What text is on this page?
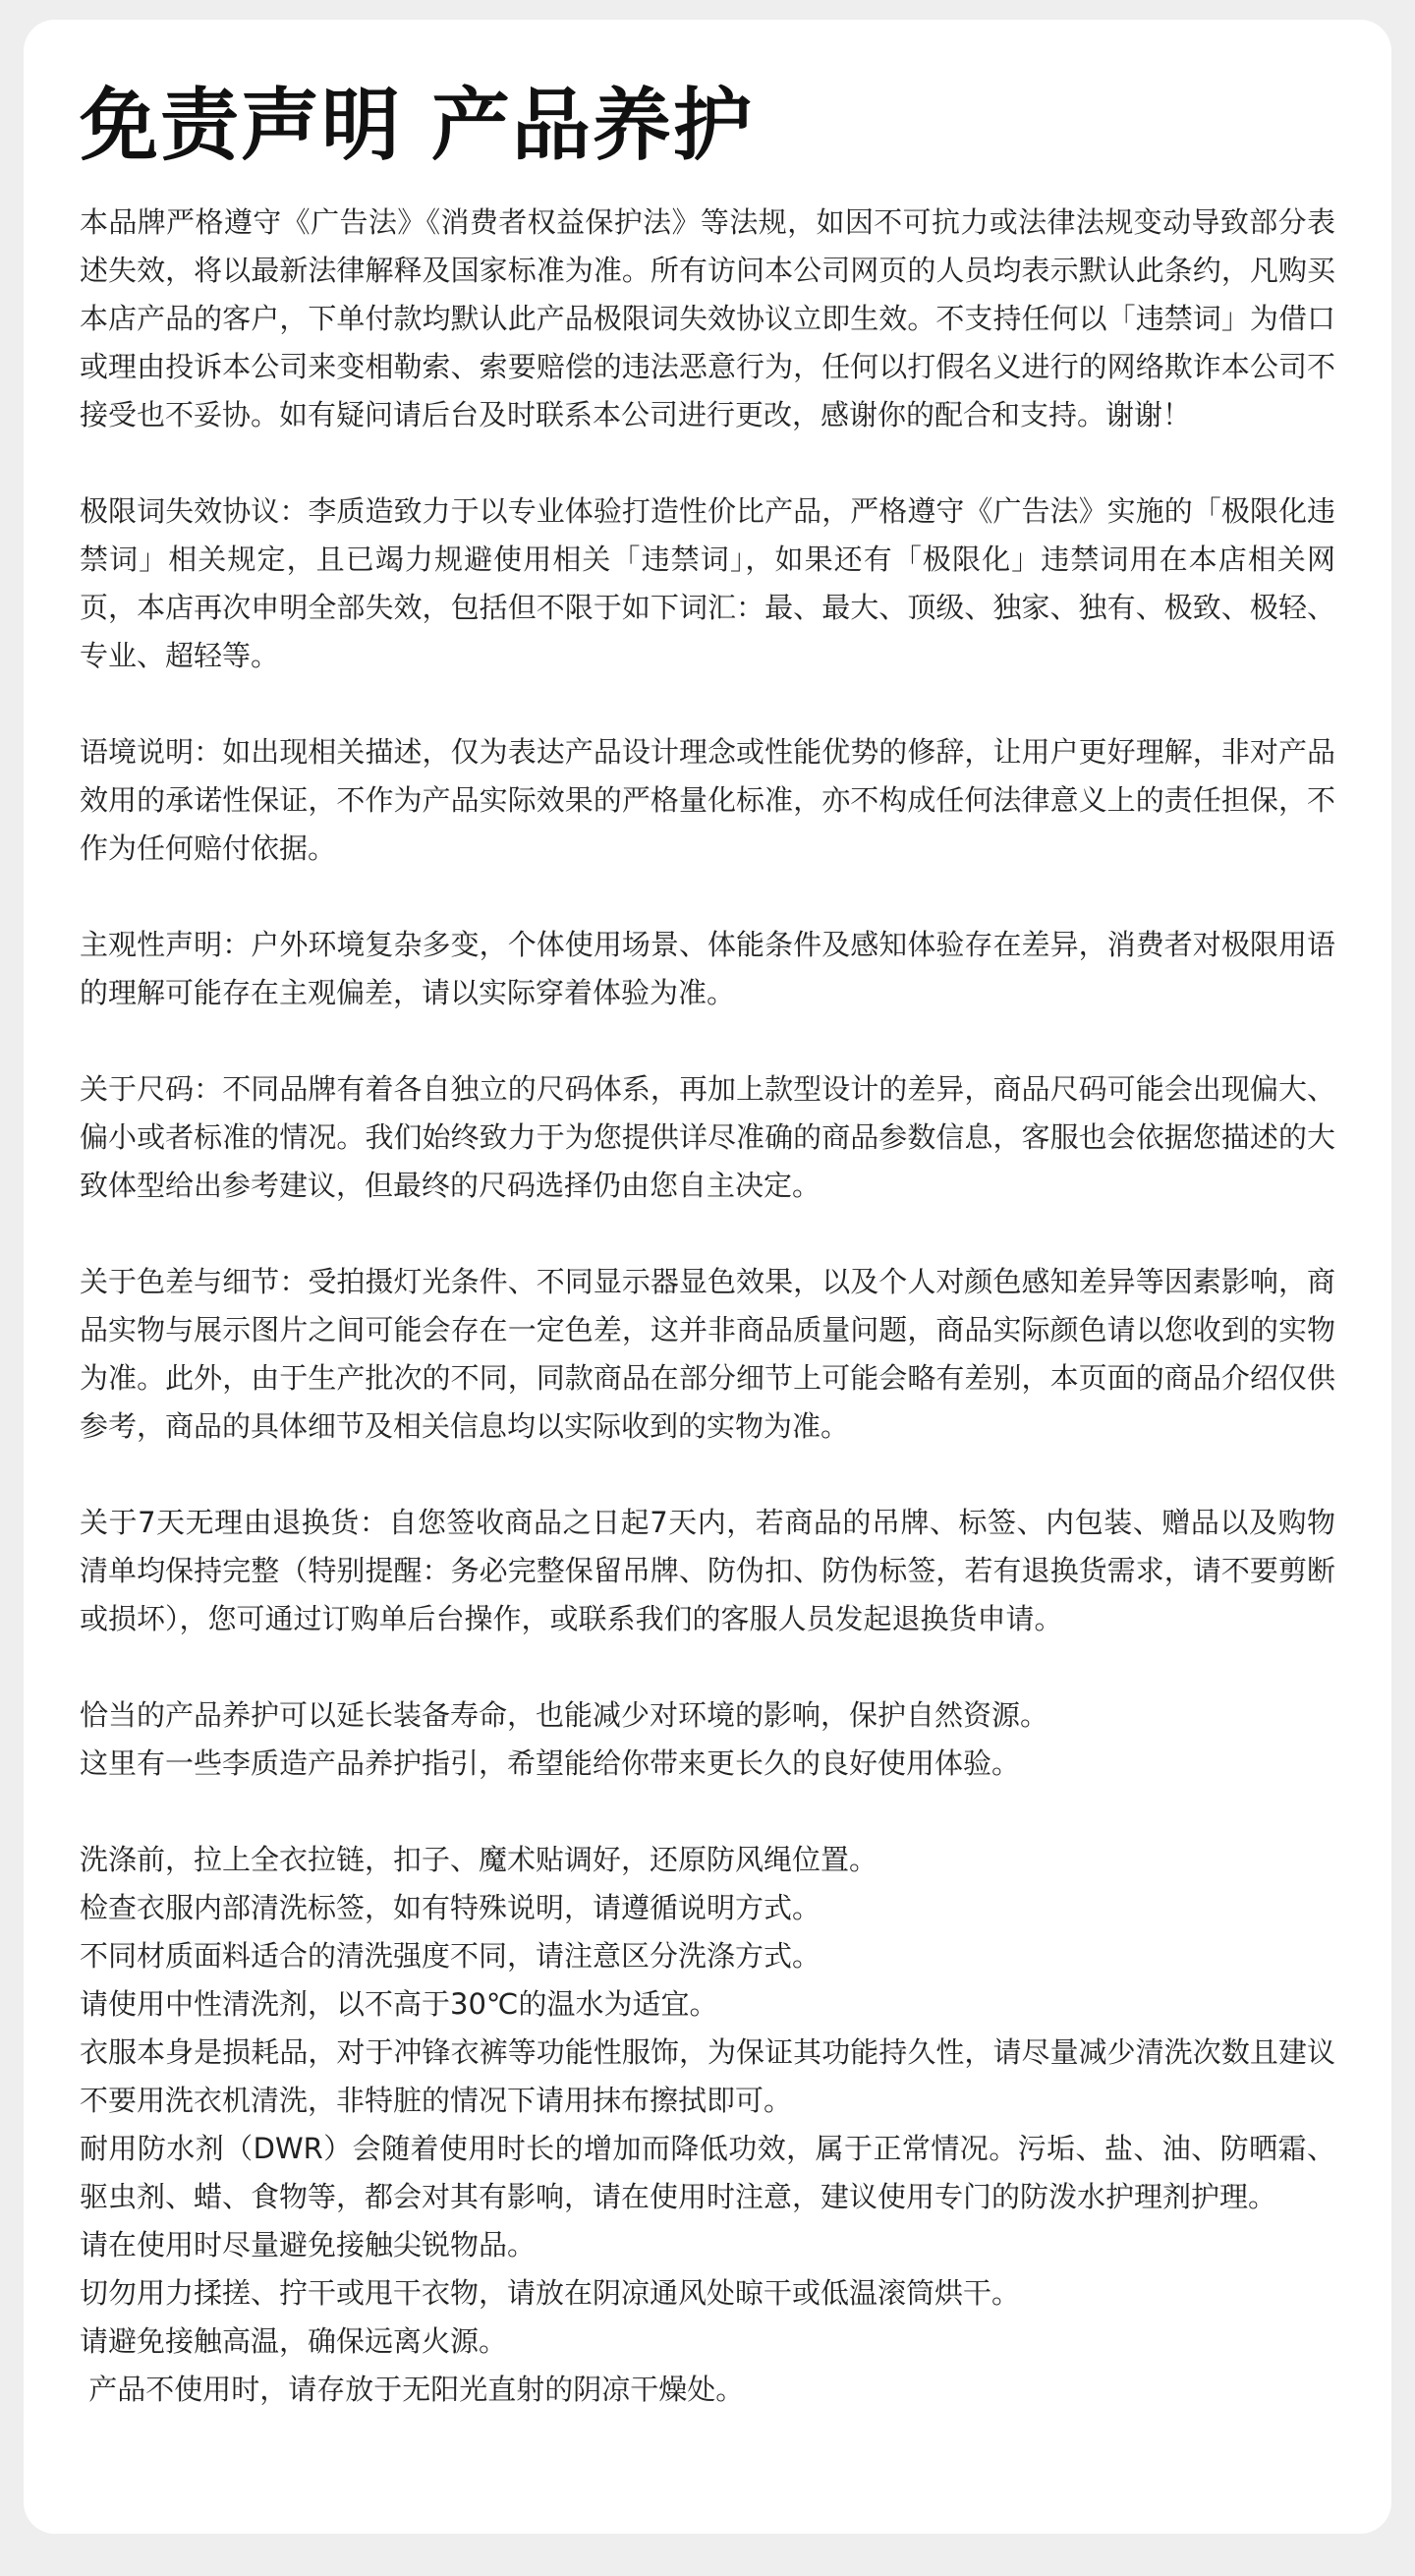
免责声明 产品养护

本品牌严格遵守《广告法》《消费者权益保护法》等法规，如因不可抗力或法律法规变动导致部分表述失效，将以最新法律解释及国家标准为准。所有访问本公司网页的人员均表示默认此条约，凡购买本店产品的客户，下单付款均默认此产品极限词失效协议立即生效。不支持任何以「违禁词」为借口或理由投诉本公司来变相勒索、索要赔偿的违法恶意行为，任何以打假名义进行的网络欺诈本公司不接受也不妥协。如有疑问请后台及时联系本公司进行更改，感谢你的配合和支持。谢谢！

极限词失效协议：李质造致力于以专业体验打造性价比产品，严格遵守《广告法》实施的「极限化违禁词」相关规定，且已竭力规避使用相关「违禁词」，如果还有「极限化」违禁词用在本店相关网页，本店再次申明全部失效，包括但不限于如下词汇：最、最大、顶级、独家、独有、极致、极轻、专业、超轻等。

语境说明：如出现相关描述，仅为表达产品设计理念或性能优势的修辞，让用户更好理解，非对产品效用的承诺性保证，不作为产品实际效果的严格量化标准，亦不构成任何法律意义上的责任担保，不作为任何赔付依据。

主观性声明：户外环境复杂多变，个体使用场景、体能条件及感知体验存在差异，消费者对极限用语的理解可能存在主观偏差，请以实际穿着体验为准。

关于尺码：不同品牌有着各自独立的尺码体系，再加上款型设计的差异，商品尺码可能会出现偏大、偏小或者标准的情况。我们始终致力于为您提供详尽准确的商品参数信息，客服也会依据您描述的大致体型给出参考建议，但最终的尺码选择仍由您自主决定。

关于色差与细节：受拍摄灯光条件、不同显示器显色效果，以及个人对颜色感知差异等因素影响，商品实物与展示图片之间可能会存在一定色差，这并非商品质量问题，商品实际颜色请以您收到的实物为准。此外，由于生产批次的不同，同款商品在部分细节上可能会略有差别，本页面的商品介绍仅供参考，商品的具体细节及相关信息均以实际收到的实物为准。

关于7天无理由退换货：自您签收商品之日起7天内，若商品的吊牌、标签、内包装、赠品以及购物清单均保持完整（特别提醒：务必完整保留吊牌、防伪扣、防伪标签，若有退换货需求，请不要剪断或损坏），您可通过订购单后台操作，或联系我们的客服人员发起退换货申请。

恰当的产品养护可以延长装备寿命，也能减少对环境的影响，保护自然资源。

这里有一些李质造产品养护指引，希望能给你带来更长久的良好使用体验。

洗涤前，拉上全衣拉链，扣子、魔术贴调好，还原防风绳位置。
检查衣服内部清洗标签，如有特殊说明，请遵循说明方式。
不同材质面料适合的清洗强度不同，请注意区分洗涤方式。
请使用中性清洗剂，以不高于30℃的温水为适宜。
衣服本身是损耗品，对于冲锋衣裤等功能性服饰，为保证其功能持久性，请尽量减少清洗次数且建议不要用洗衣机清洗，非特脏的情况下请用抹布擦拭即可。
耐用防水剂（DWR）会随着使用时长的增加而降低功效，属于正常情况。污垢、盐、油、防晒霜、驱虫剂、蜡、食物等，都会对其有影响，请在使用时注意，建议使用专门的防泼水护理剂护理。
请在使用时尽量避免接触尖锐物品。
切勿用力揉搓、拧干或甩干衣物，请放在阴凉通风处晾干或低温滚筒烘干。
请避免接触高温，确保远离火源。
产品不使用时，请存放于无阳光直射的阴凉干燥处。
